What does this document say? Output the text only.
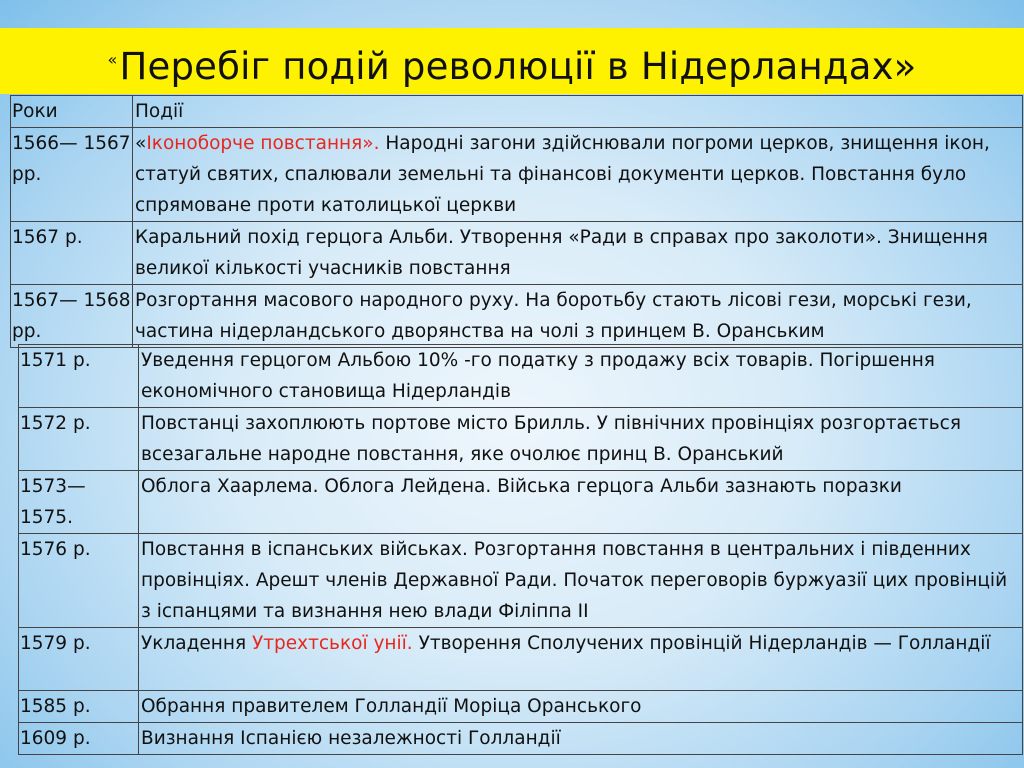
«Перебіг подій революції в Нідерландах»
Роки	Події
1566— 1567 рр.	«Іконоборче повстання». Народні загони здійснювали погроми церков, знищення ікон, статуй святих, спалювали земельні та фінансові документи церков. Повстання було спрямоване проти католицької церкви
1567 р.	Каральний похід герцога Альби. Утворення «Ради в справах про заколоти». Знищення великої кількості учасників повстання
1567— 1568 рр.	Розгортання масового народного руху. На боротьбу стають лісові гези, морські гези, частина нідерландського дворянства на чолі з принцем В. Оранським
1571 р.	Уведення герцогом Альбою 10% -го податку з продажу всіх товарів. Погіршення економічного становища Нідерландів
1572 р.	Повстанці захоплюють портове місто Брилль. У північних провінціях розгортається всезагальне народне повстання, яке очолює принц В. Оранський
1573— 1575.	Облога Хаарлема. Облога Лейдена. Війська герцога Альби зазнають поразки
1576 р.	Повстання в іспанських військах. Розгортання повстання в центральних і південних провінціях. Арешт членів Державної Ради. Початок переговорів буржуазії цих провінцій з іспанцями та визнання нею влади Філіппа II
1579 р.	Укладення Утрехтської унії. Утворення Сполучених провінцій Нідерландів — Голландії
1585 р.	Обрання правителем Голландії Моріца Оранського
1609 р.	Визнання Іспанією незалежності Голландії
